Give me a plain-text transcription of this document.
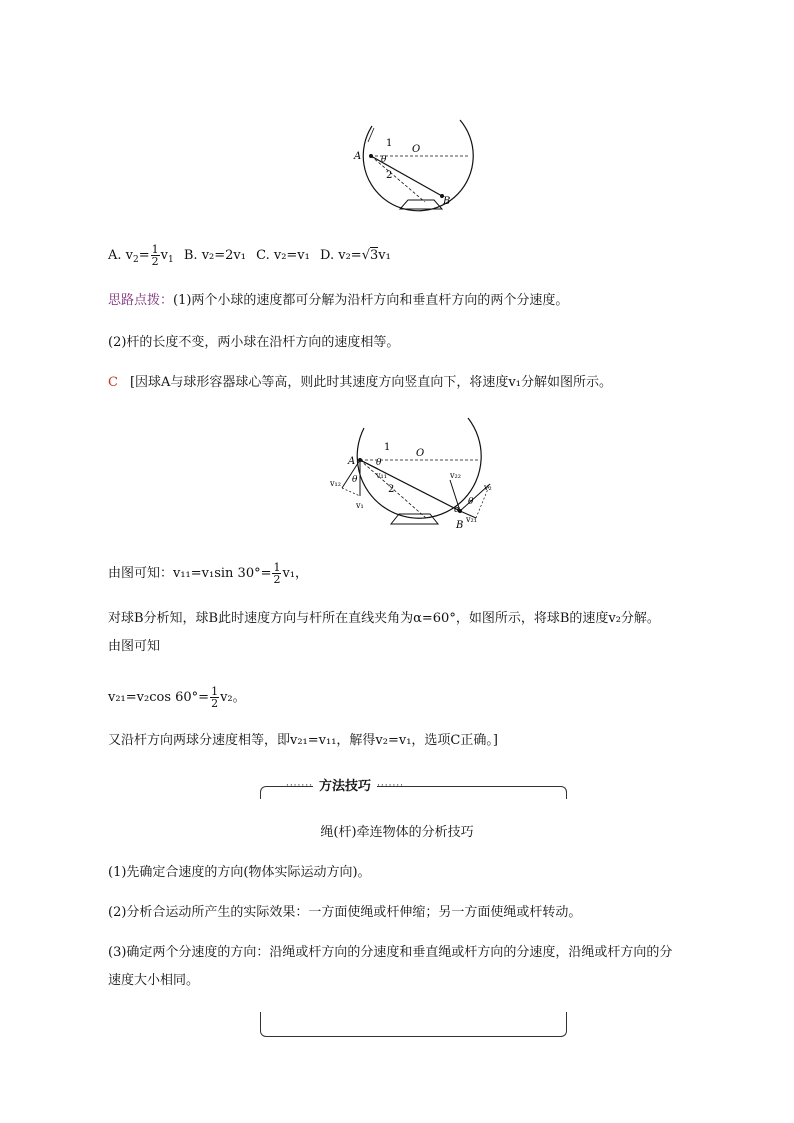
A
B
O
1
2
θ
A. $v_2= \frac{1}{2} v_1$ B. v₂=2v₁ C. v₂=v₁ D. v₂=√3v₁
思路点拨：(1)两个小球的速度都可分解为沿杆方向和垂直杆方向的两个分速度。
(2)杆的长度不变，两小球在沿杆方向的速度相等。
C [因球A与球形容器球心等高，则此时其速度方向竖直向下，将速度v₁分解如图所示。
A
B
O
1
2
θ
θ
θ
α
v₁₂
v₁₁
v₁
v₂₂
v₂
v₂₁
由图可知：v₁₁=v₁sin $30^\circ= \frac{1}{2} v_1$，
对球B分析知，球B此时速度方向与杆所在直线夹角为α=60°，如图所示，将球B的速度v₂分解。
由图可知
v₂₁=v₂cos $60^\circ= \frac{1}{2} v_2$。
又沿杆方向两球分速度相等，即v₂₁=v₁₁，解得v₂=v₁，选项C正确。]
······· 方法技巧 ·······
绳(杆)牵连物体的分析技巧
(1)先确定合速度的方向(物体实际运动方向)。
(2)分析合运动所产生的实际效果：一方面使绳或杆伸缩；另一方面使绳或杆转动。
(3)确定两个分速度的方向：沿绳或杆方向的分速度和垂直绳或杆方向的分速度，沿绳或杆方向的分
速度大小相同。
